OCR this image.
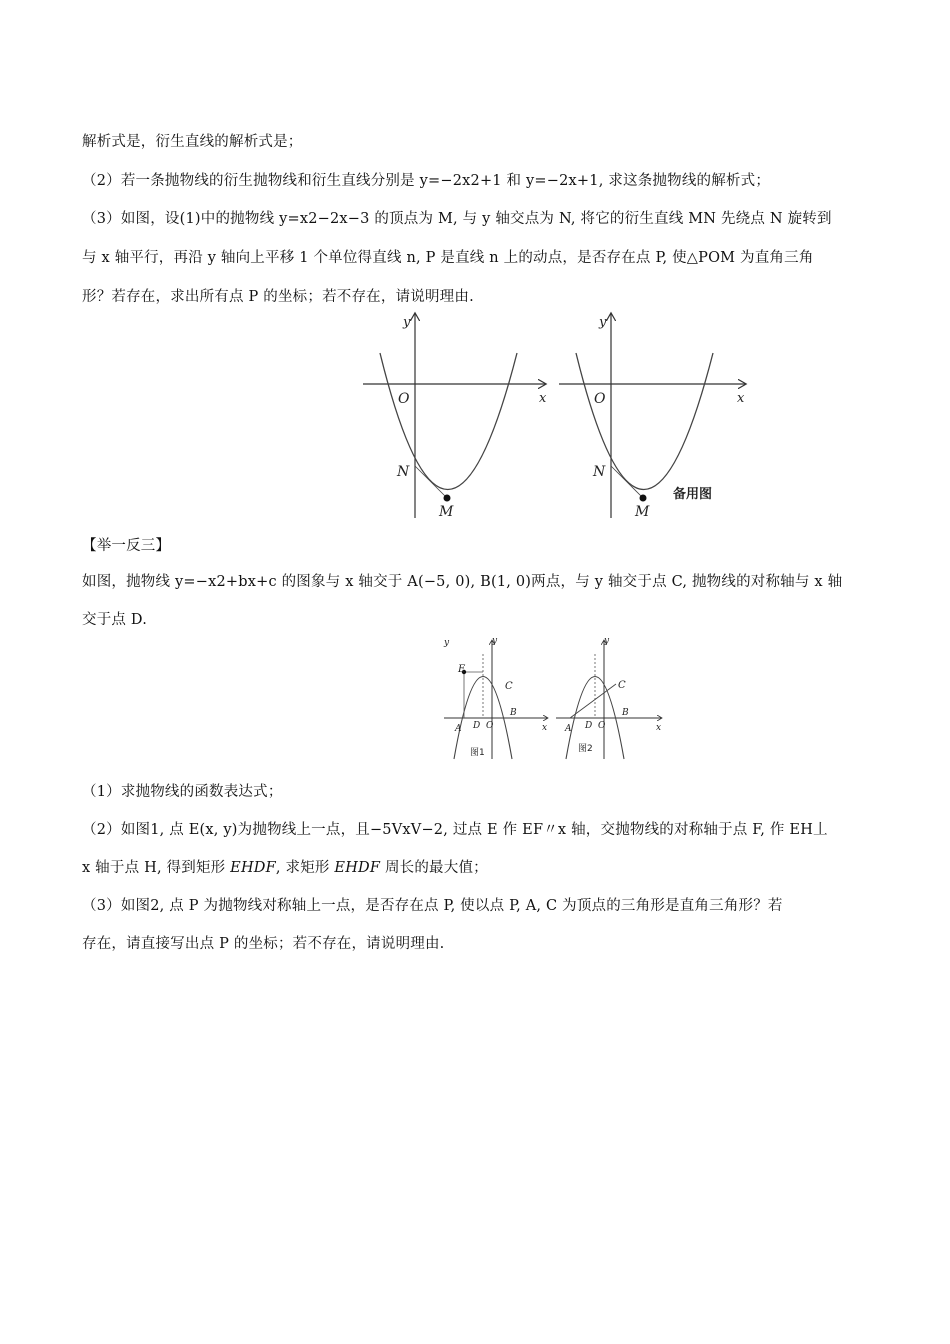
解析式是，衍生直线的解析式是；
（2）若一条抛物线的衍生抛物线和衍生直线分别是 y=−2x2+1 和 y=−2x+1, 求这条抛物线的解析式；
（3）如图，设(1)中的抛物线 y=x2−2x−3 的顶点为 M, 与 y 轴交点为 N, 将它的衍生直线 MN 先绕点 N 旋转到
与 x 轴平行，再沿 y 轴向上平移 1 个单位得直线 n, P 是直线 n 上的动点，是否存在点 P, 使△POM 为直角三角
形？若存在，求出所有点 P 的坐标；若不存在，请说明理由.
y
x
O
N
M
y
x
O
N
M
备用图
【举一反三】
如图，抛物线 y=−x2+bx+c 的图象与 x 轴交于 A(−5, 0), B(1, 0)两点，与 y 轴交于点 C, 抛物线的对称轴与 x 轴
交于点 D.
y	y
x
E
C
A D O
B
图1
y
x
C
A D O
B
图2
（1）求抛物线的函数表达式；
（2）如图1, 点 E(x, y)为抛物线上一点，且−5VxV−2, 过点 E 作 EF〃x 轴，交抛物线的对称轴于点 F, 作 EH丄
x 轴于点 H, 得到矩形 EHDF, 求矩形 EHDF 周长的最大值；
（3）如图2, 点 P 为抛物线对称轴上一点，是否存在点 P, 使以点 P, A, C 为顶点的三角形是直角三角形？若
存在，请直接写出点 P 的坐标；若不存在，请说明理由.
